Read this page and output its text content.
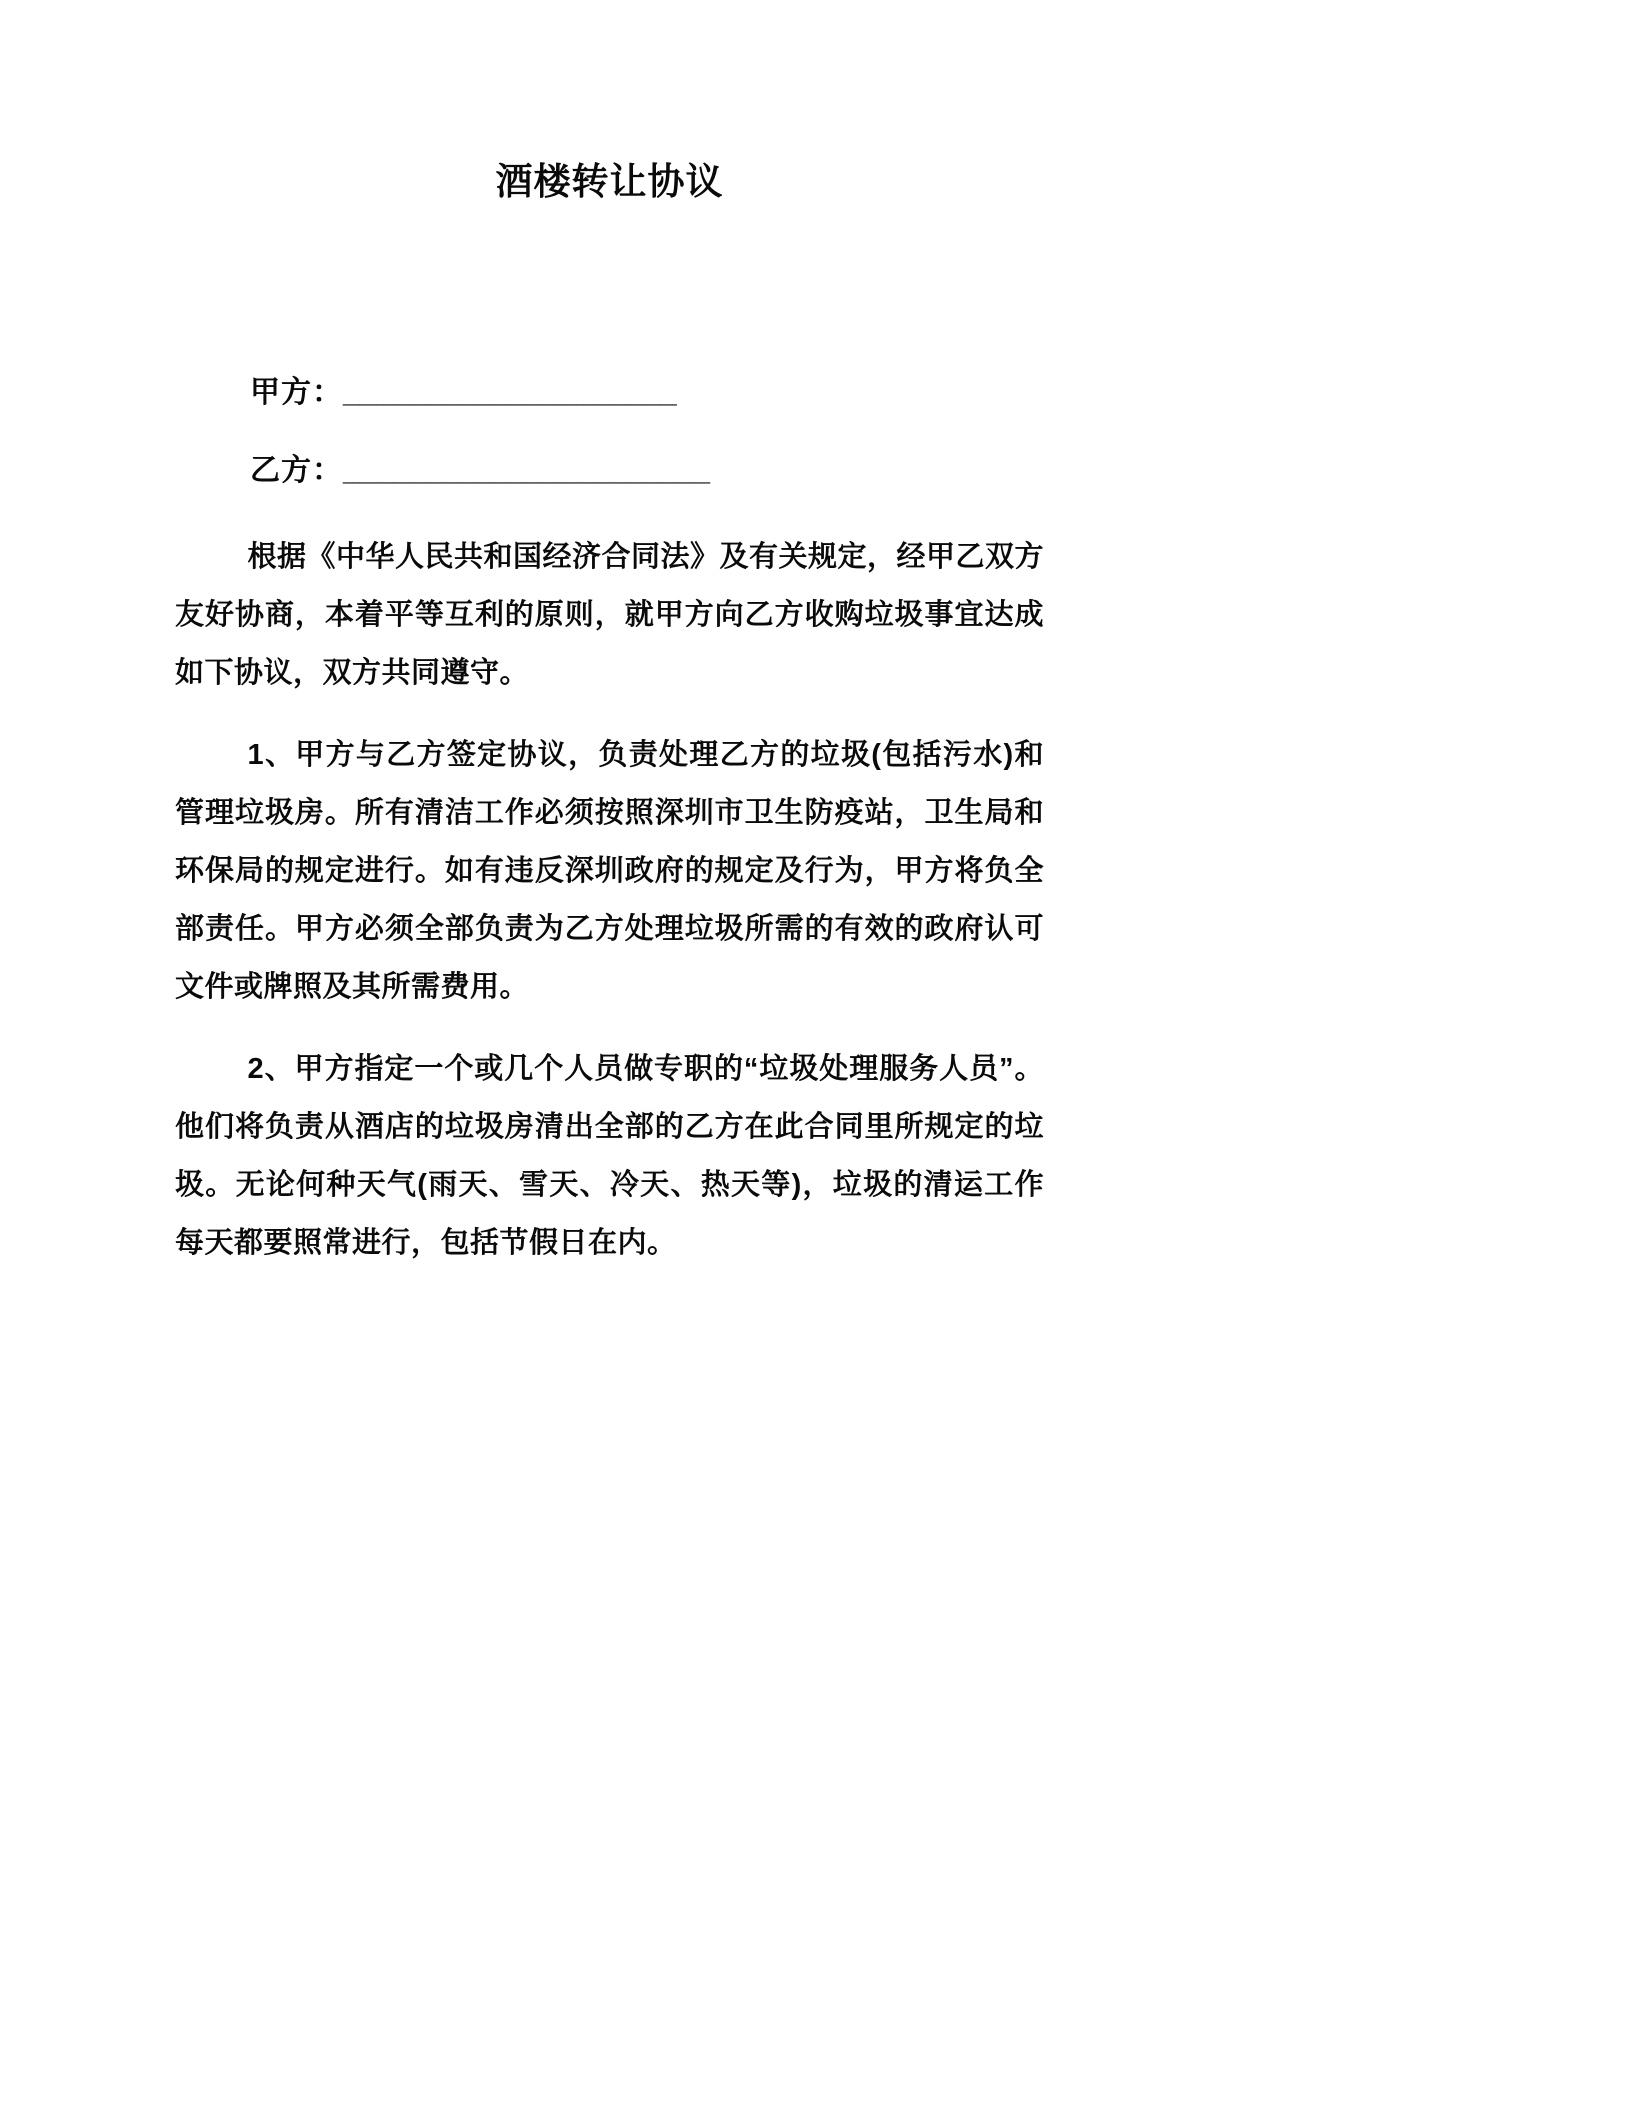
酒楼转让协议
甲方：____________________
乙方：______________________

根据《中华人民共和国经济合同法》及有关规定，经甲乙双方友好协商，本着平等互利的原则，就甲方向乙方收购垃圾事宜达成如下协议，双方共同遵守。

1、甲方与乙方签定协议，负责处理乙方的垃圾(包括污水)和管理垃圾房。所有清洁工作必须按照深圳市卫生防疫站，卫生局和环保局的规定进行。如有违反深圳政府的规定及行为，甲方将负全部责任。甲方必须全部负责为乙方处理垃圾所需的有效的政府认可文件或牌照及其所需费用。

2、甲方指定一个或几个人员做专职的“垃圾处理服务人员”。他们将负责从酒店的垃圾房清出全部的乙方在此合同里所规定的垃圾。无论何种天气(雨天、雪天、冷天、热天等)，垃圾的清运工作每天都要照常进行，包括节假日在内。
